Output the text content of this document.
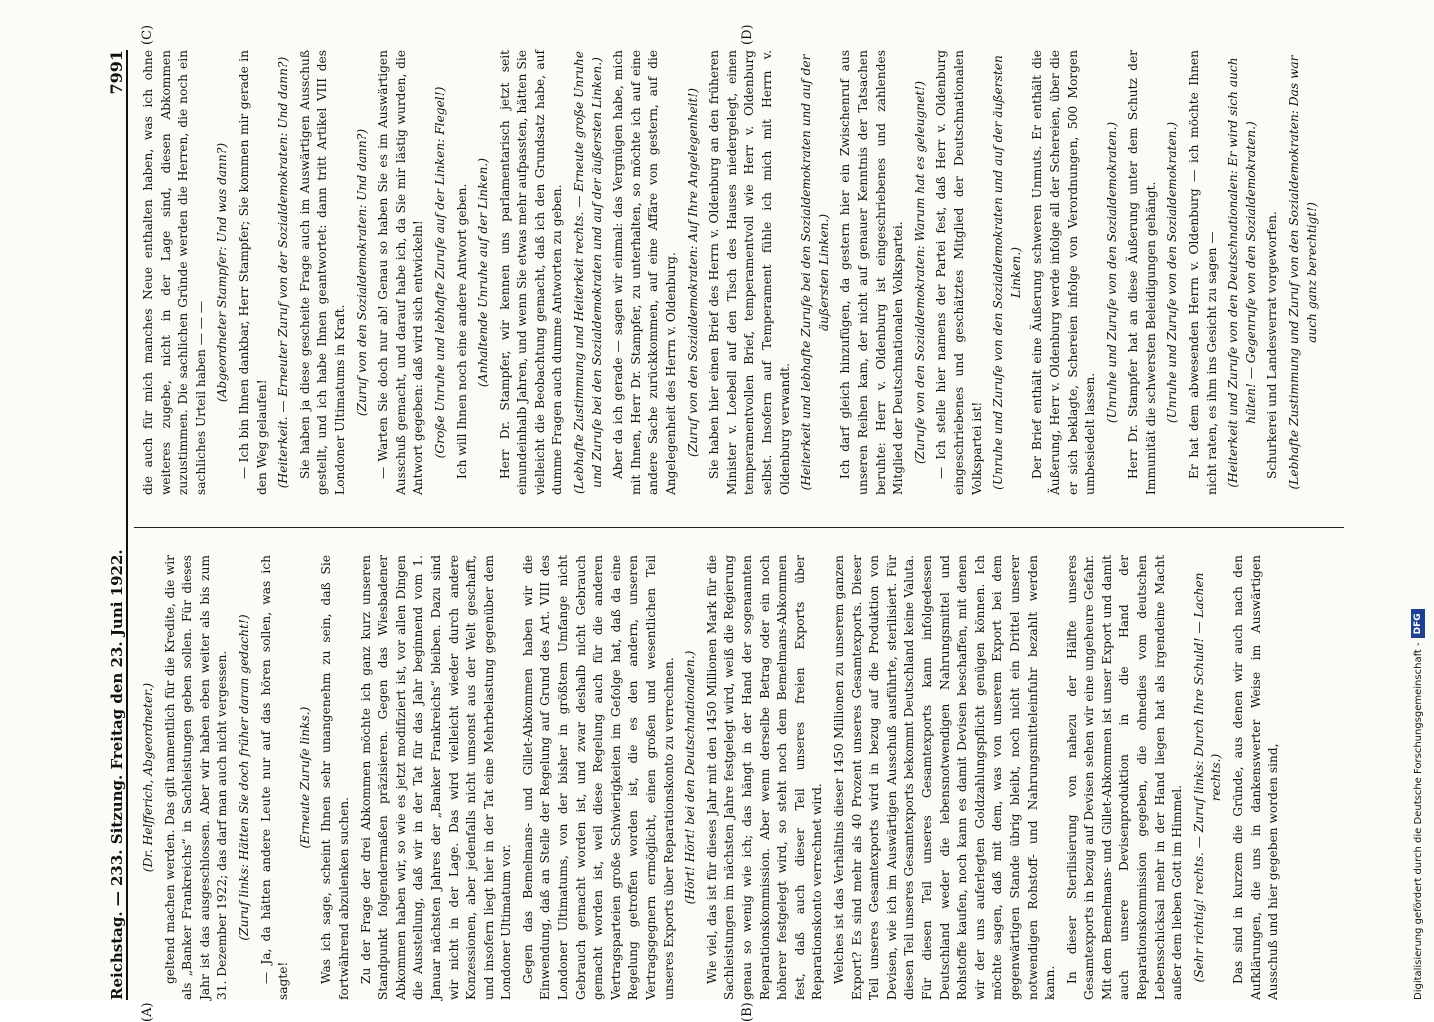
Reichstag. — 233. Sitzung. Freitag den 23. Juni 1922.
7991
(A)	(B)
(C)	(D)

(Dr. Helfferich, Abgeordneter.) geltend machen werden. Das gilt namentlich für die Kredite, die wir als „Banker Frankreichs“ in Sachleistungen geben sollen. Für dieses Jahr ist das ausgeschlossen. Aber wir haben eben weiter als bis zum 31. Dezember 1922; das darf man auch nicht vergessen. (Zuruf links: Hätten Sie doch früher daran gedacht!) — Ja, da hätten andere Leute nur auf das hören sollen, was ich sagte!

(Erneute Zurufe links.) Was ich sage, scheint Ihnen sehr unangenehm zu sein, daß Sie fortwährend abzulenken suchen. Zu der Frage der drei Abkommen möchte ich ganz kurz unseren Standpunkt folgendermaßen präzisieren. Gegen das Wiesbadener Abkommen haben wir, so wie es jetzt modifiziert ist, vor allen Dingen die Ausstellung, daß wir in der Tat für das Jahr beginnend vom 1. Januar nächsten Jahres der „Banker Frankreichs“ bleiben. Dazu sind wir nicht in der Lage. Das wird vielleicht wieder durch andere Konzessionen, aber jedenfalls nicht umsonst aus der Welt geschafft, und insofern liegt hier in der Tat eine Mehrbelastung gegenüber dem Londoner Ultimatum vor. Gegen das Bemelmans- und Gillet-Abkommen haben wir die Einwendung, daß an Stelle der Regelung auf Grund des Art. VIII des Londoner Ultimatums, von der bisher in größtem Umfange nicht Gebrauch gemacht worden ist, und zwar deshalb nicht Gebrauch gemacht worden ist, weil diese Regelung auch für die anderen Vertragsparteien große Schwierigkeiten im Gefolge hat, daß da eine Regelung getroffen worden ist, die es den andern, unseren Vertragsgegnern ermöglicht, einen großen und wesentlichen Teil unseres Exports über Reparationskonto zu verrechnen. (Hört! Hört! bei den Deutschnationalen.) Wie viel, das ist für dieses Jahr mit den 1450 Millionen Mark für die Sachleistungen im nächsten Jahre festgelegt wird, weiß die Regierung genau so wenig wie ich; das hängt in der Hand der sogenannten Reparationskommission. Aber wenn derselbe Betrag oder ein noch höherer festgelegt wird, so steht noch dem Bemelmans-Abkommen fest, daß auch dieser Teil unseres freien Exports über Reparationskonto verrechnet wird. Welches ist das Verhältnis dieser 1450 Millionen zu unserem ganzen Export? Es sind mehr als 40 Prozent unseres Gesamtexports. Dieser Teil unseres Gesamtexports wird in bezug auf die Produktion von Devisen, wie ich im Auswärtigen Ausschuß ausführte, sterilisiert. Für diesen Teil unseres Gesamtexports bekommt Deutschland keine Valuta. Für diesen Teil unseres Gesamtexports kann infolgedessen Deutschland weder die lebensnotwendigen Nahrungsmittel und Rohstoffe kaufen, noch kann es damit Devisen beschaffen, mit denen wir der uns auferlegten Goldzahlungspflicht genügen können. Ich möchte sagen, daß mit dem, was von unserem Export bei dem gegenwärtigen Stande übrig bleibt, noch nicht ein Drittel unserer notwendigen Rohstoff- und Nahrungsmitteleinfuhr bezahlt werden kann. In dieser Sterilisierung von nahezu der Hälfte unseres Gesamtexports in bezug auf Devisen sehen wir eine ungeheure Gefahr. Mit dem Bemelmans- und Gillet-Abkommen ist unser Export und damit auch unsere Devisenproduktion in die Hand der Reparationskommission gegeben, die ohnedies vom deutschen Lebensschicksal mehr in der Hand liegen hat als irgendeine Macht außer dem lieben Gott im Himmel. (Sehr richtig! rechts. — Zuruf links: Durch Ihre Schuld! — Lachen rechts.) Das sind in kurzem die Gründe, aus denen wir auch nach den Aufklärungen, die uns in dankenswerter Weise im Auswärtigen Ausschuß und hier gegeben worden sind,

die auch für mich manches Neue enthalten haben, was ich ohne weiteres zugebe, nicht in der Lage sind, diesen Abkommen zuzustimmen. Die sachlichen Gründe werden die Herren, die noch ein sachliches Urteil haben — — — (Abgeordneter Stampfer: Und was dann?) — Ich bin Ihnen dankbar, Herr Stampfer; Sie kommen mir gerade in den Weg gelaufen! (Heiterkeit. — Erneuter Zuruf von der Sozialdemokraten: Und dann?) Sie haben ja diese gescheite Frage auch im Auswärtigen Ausschuß gestellt, und ich habe Ihnen geantwortet: dann tritt Artikel VIII des Londoner Ultimatums in Kraft. (Zuruf von den Sozialdemokraten: Und dann?) — Warten Sie doch nur ab! Genau so haben Sie es im Auswärtigen Ausschuß gemacht, und darauf habe ich, da Sie mir lästig wurden, die Antwort gegeben: daß wird sich entwickeln! (Große Unruhe und lebhafte Zurufe auf der Linken: Flegel!) Ich will Ihnen noch eine andere Antwort geben. (Anhaltende Unruhe auf der Linken.) Herr Dr. Stampfer, wir kennen uns parlamentarisch jetzt seit einundeinhalb Jahren, und wenn Sie etwas mehr aufpassten, hätten Sie vielleicht die Beobachtung gemacht, daß ich den Grundsatz habe, auf dumme Fragen auch dumme Antworten zu geben. (Lebhafte Zustimmung und Heiterkeit rechts. — Erneute große Unruhe und Zurufe bei den Sozialdemokraten und auf der äußersten Linken.) Aber da ich gerade — sagen wir einmal: das Vergnügen habe, mich mit Ihnen, Herr Dr. Stampfer, zu unterhalten, so möchte ich auf eine andere Sache zurückkommen, auf eine Affäre von gestern, auf die Angelegenheit des Herrn v. Oldenburg. (Zuruf von den Sozialdemokraten: Auf Ihre Angelegenheit!) Sie haben hier einen Brief des Herrn v. Oldenburg an den früheren Minister v. Loebell auf den Tisch des Hauses niedergelegt, einen temperamentvollen Brief, temperamentvoll wie Herr v. Oldenburg selbst. Insofern auf Temperament fühle ich mich mit Herrn v. Oldenburg verwandt. (Heiterkeit und lebhafte Zurufe bei den Sozialdemokraten und auf der äußersten Linken.) Ich darf gleich hinzufügen, da gestern hier ein Zwischenruf aus unseren Reihen kam, der nicht auf genauer Kenntnis der Tatsachen beruhte: Herr v. Oldenburg ist eingeschriebenes und zahlendes Mitglied der Deutschnationalen Volkspartei. (Zurufe von den Sozialdemokraten: Warum hat es geleugnet!) — Ich stelle hier namens der Partei fest, daß Herr v. Oldenburg eingeschriebenes und geschätztes Mitglied der Deutschnationalen Volkspartei ist! (Unruhe und Zurufe von den Sozialdemokraten und auf der äußersten Linken.) Der Brief enthält eine Äußerung schweren Unmuts. Er enthält die Äußerung, Herr v. Oldenburg werde infolge all der Schereien, über die er sich beklagte, Schereien infolge von Verordnungen, 500 Morgen umbesiedelt lassen.

(Unruhe und Zurufe von den Sozialdemokraten.) Herr Dr. Stampfer hat an diese Äußerung unter dem Schutz der Immunität die schwersten Beleidigungen gehängt. (Unruhe und Zurufe von den Sozialdemokraten.) Er hat dem abwesenden Herrn v. Oldenburg — ich möchte Ihnen nicht raten, es ihm ins Gesicht zu sagen — (Heiterkeit und Zurufe von den Deutschnationalen: Er wird sich auch hüten! — Gegenrufe von den Sozialdemokraten.) Schurkerei und Landesverrat vorgeworfen. (Lebhafte Zustimmung und Zuruf von den Sozialdemokraten: Das war auch ganz berechtigt!)

Digitalisierung gefördert durch die Deutsche Forschungsgemeinschaft -
DFG
